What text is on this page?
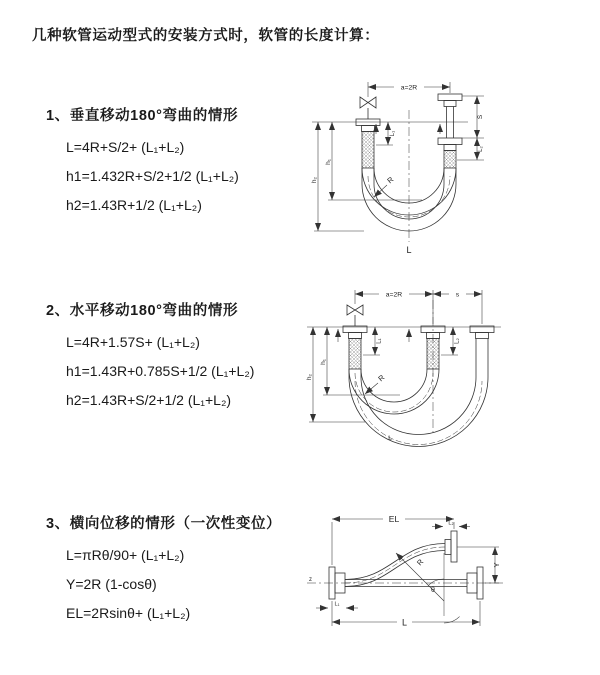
几种软管运动型式的安装方式时，软管的长度计算：
1、垂直移动180°弯曲的情形

L=4R+S/2+ (L₁+L₂)

h1=1.432R+S/2+1/2 (L₁+L₂)

h2=1.43R+1/2 (L₁+L₂)

2、水平移动180°弯曲的情形

L=4R+1.57S+ (L₁+L₂)

h1=1.43R+0.785S+1/2 (L₁+L₂)

h2=1.43R+S/2+1/2 (L₁+L₂)

3、横向位移的情形（一次性变位）

L=πRθ/90+ (L₁+L₂)

Y=2R (1-cosθ)

EL=2Rsinθ+ (L₁+L₂)

a=2R
L₁
S
L₂
h₁
h₂	R
L
a=2R	s
L₁	L₂
h₁
h₂	R
L
EL	L₂
Y
R
θ
L
L₁
z
